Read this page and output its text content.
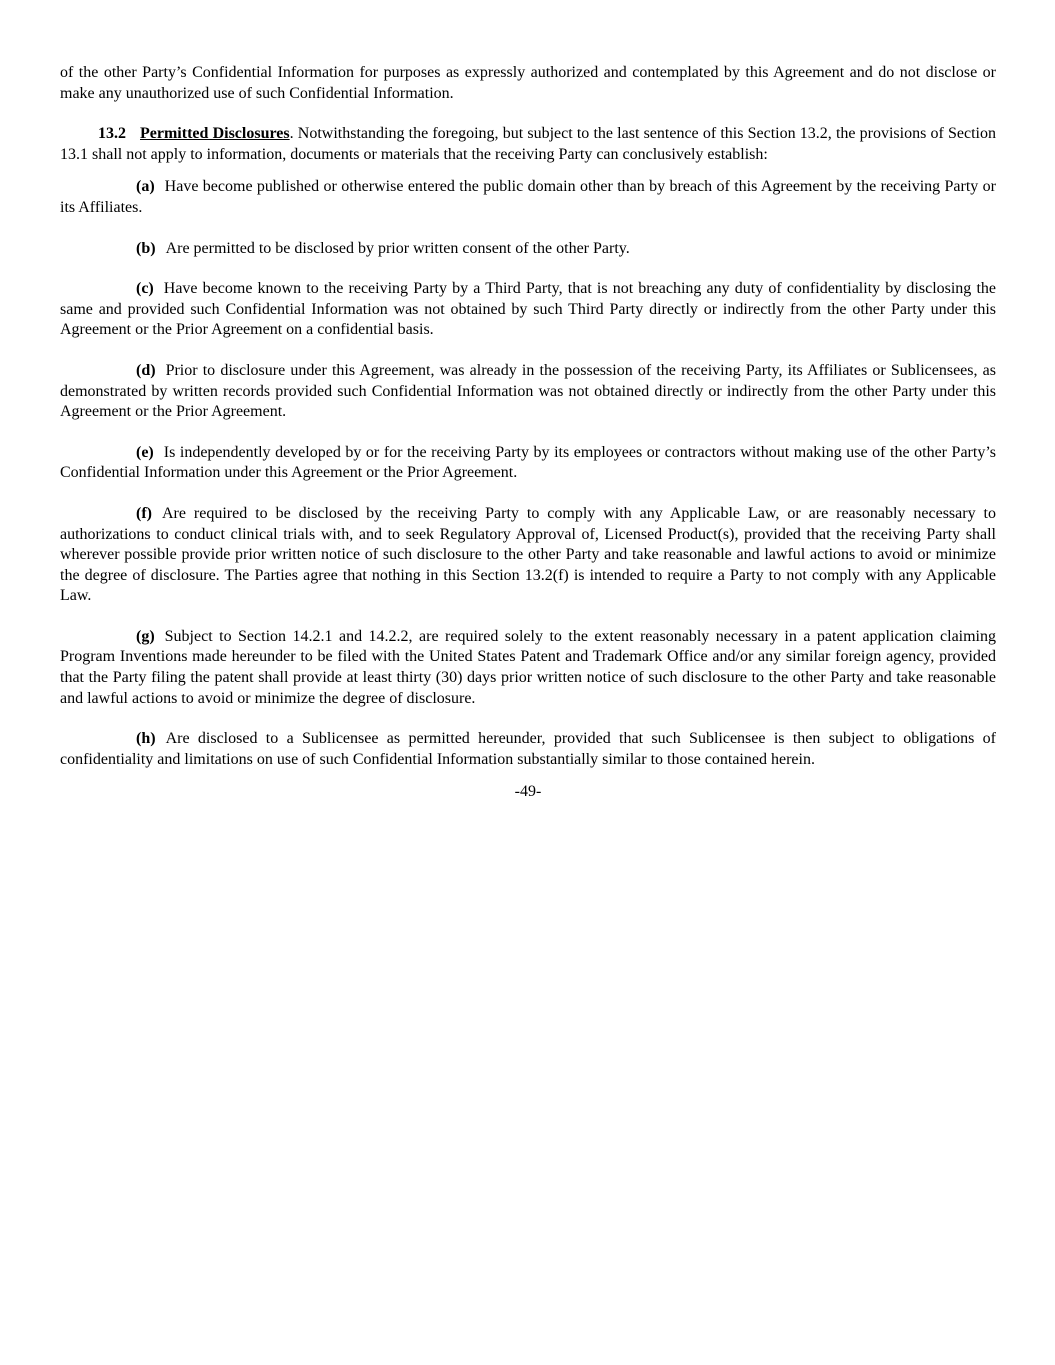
of the other Party’s Confidential Information for purposes as expressly authorized and contemplated by this Agreement and do not disclose or make any unauthorized use of such Confidential Information.

13.2 Permitted Disclosures. Notwithstanding the foregoing, but subject to the last sentence of this Section 13.2, the provisions of Section 13.1 shall not apply to information, documents or materials that the receiving Party can conclusively establish:

(a) Have become published or otherwise entered the public domain other than by breach of this Agreement by the receiving Party or its Affiliates.

(b) Are permitted to be disclosed by prior written consent of the other Party.

(c) Have become known to the receiving Party by a Third Party, that is not breaching any duty of confidentiality by disclosing the same and provided such Confidential Information was not obtained by such Third Party directly or indirectly from the other Party under this Agreement or the Prior Agreement on a confidential basis.

(d) Prior to disclosure under this Agreement, was already in the possession of the receiving Party, its Affiliates or Sublicensees, as demonstrated by written records provided such Confidential Information was not obtained directly or indirectly from the other Party under this Agreement or the Prior Agreement.

(e) Is independently developed by or for the receiving Party by its employees or contractors without making use of the other Party’s Confidential Information under this Agreement or the Prior Agreement.

(f) Are required to be disclosed by the receiving Party to comply with any Applicable Law, or are reasonably necessary to authorizations to conduct clinical trials with, and to seek Regulatory Approval of, Licensed Product(s), provided that the receiving Party shall wherever possible provide prior written notice of such disclosure to the other Party and take reasonable and lawful actions to avoid or minimize the degree of disclosure. The Parties agree that nothing in this Section 13.2(f) is intended to require a Party to not comply with any Applicable Law.

(g) Subject to Section 14.2.1 and 14.2.2, are required solely to the extent reasonably necessary in a patent application claiming Program Inventions made hereunder to be filed with the United States Patent and Trademark Office and/or any similar foreign agency, provided that the Party filing the patent shall provide at least thirty (30) days prior written notice of such disclosure to the other Party and take reasonable and lawful actions to avoid or minimize the degree of disclosure.

(h) Are disclosed to a Sublicensee as permitted hereunder, provided that such Sublicensee is then subject to obligations of confidentiality and limitations on use of such Confidential Information substantially similar to those contained herein.

-49-
